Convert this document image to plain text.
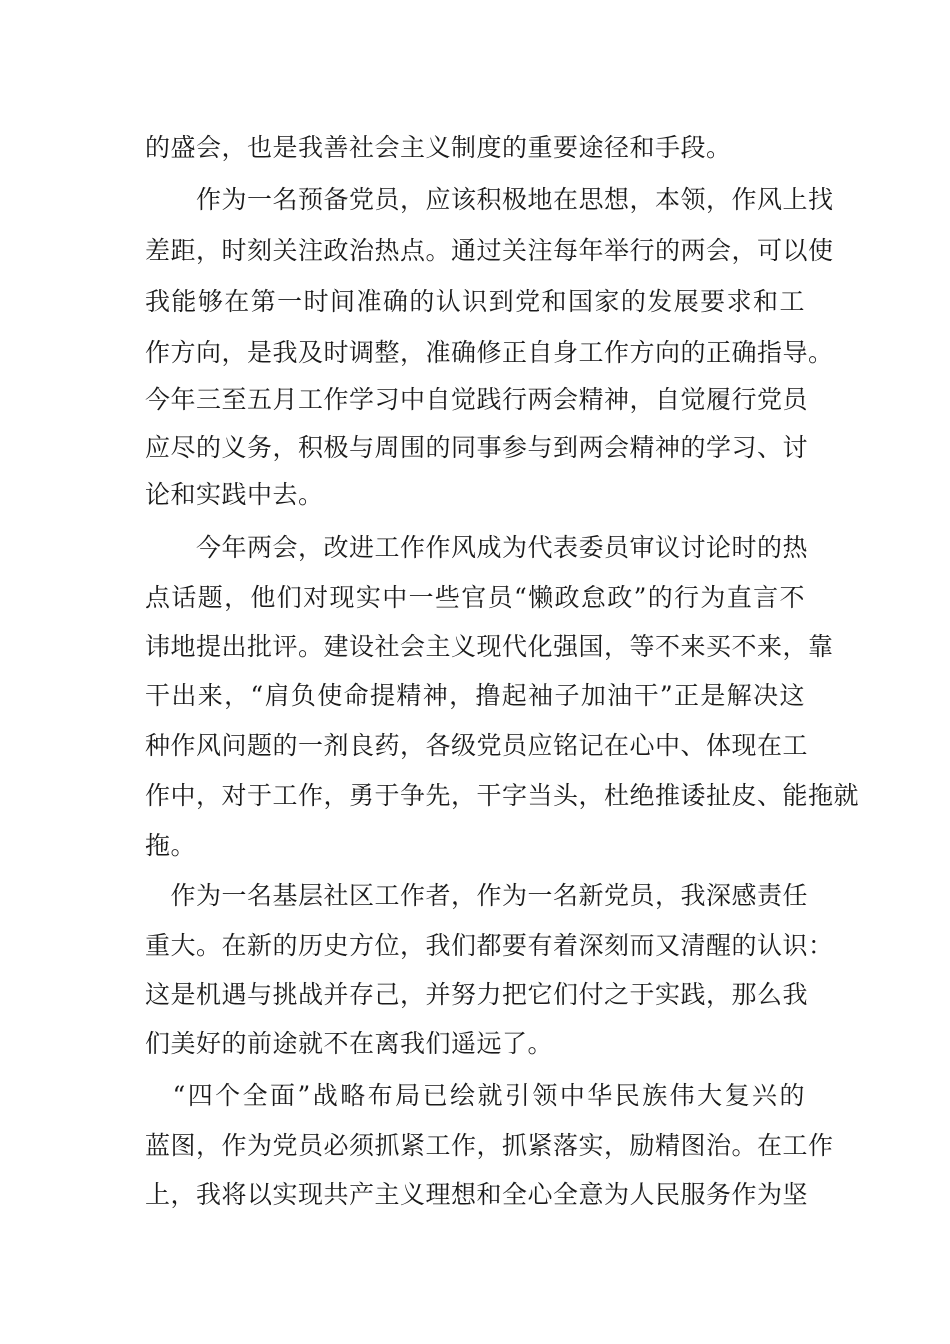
的盛会，也是我善社会主义制度的重要途径和手段。
　　作为一名预备党员，应该积极地在思想，本领，作风上找
差距，时刻关注政治热点。通过关注每年举行的两会，可以使
我能够在第一时间准确的认识到党和国家的发展要求和工
作方向，是我及时调整，准确修正自身工作方向的正确指导。
今年三至五月工作学习中自觉践行两会精神，自觉履行党员
应尽的义务，积极与周围的同事参与到两会精神的学习、讨
论和实践中去。
　　今年两会，改进工作作风成为代表委员审议讨论时的热
点话题，他们对现实中一些官员“懒政怠政”的行为直言不
讳地提出批评。建设社会主义现代化强国，等不来买不来，靠
干出来，“肩负使命提精神，撸起袖子加油干”正是解决这
种作风问题的一剂良药，各级党员应铭记在心中、体现在工
作中，对于工作，勇于争先，干字当头，杜绝推诿扯皮、能拖就
拖。
　作为一名基层社区工作者，作为一名新党员，我深感责任
重大。在新的历史方位，我们都要有着深刻而又清醒的认识：
这是机遇与挑战并存己，并努力把它们付之于实践，那么我
们美好的前途就不在离我们遥远了。
　“四个全面”战略布局已绘就引领中华民族伟大复兴的
蓝图，作为党员必须抓紧工作，抓紧落实，励精图治。在工作
上，我将以实现共产主义理想和全心全意为人民服务作为坚
